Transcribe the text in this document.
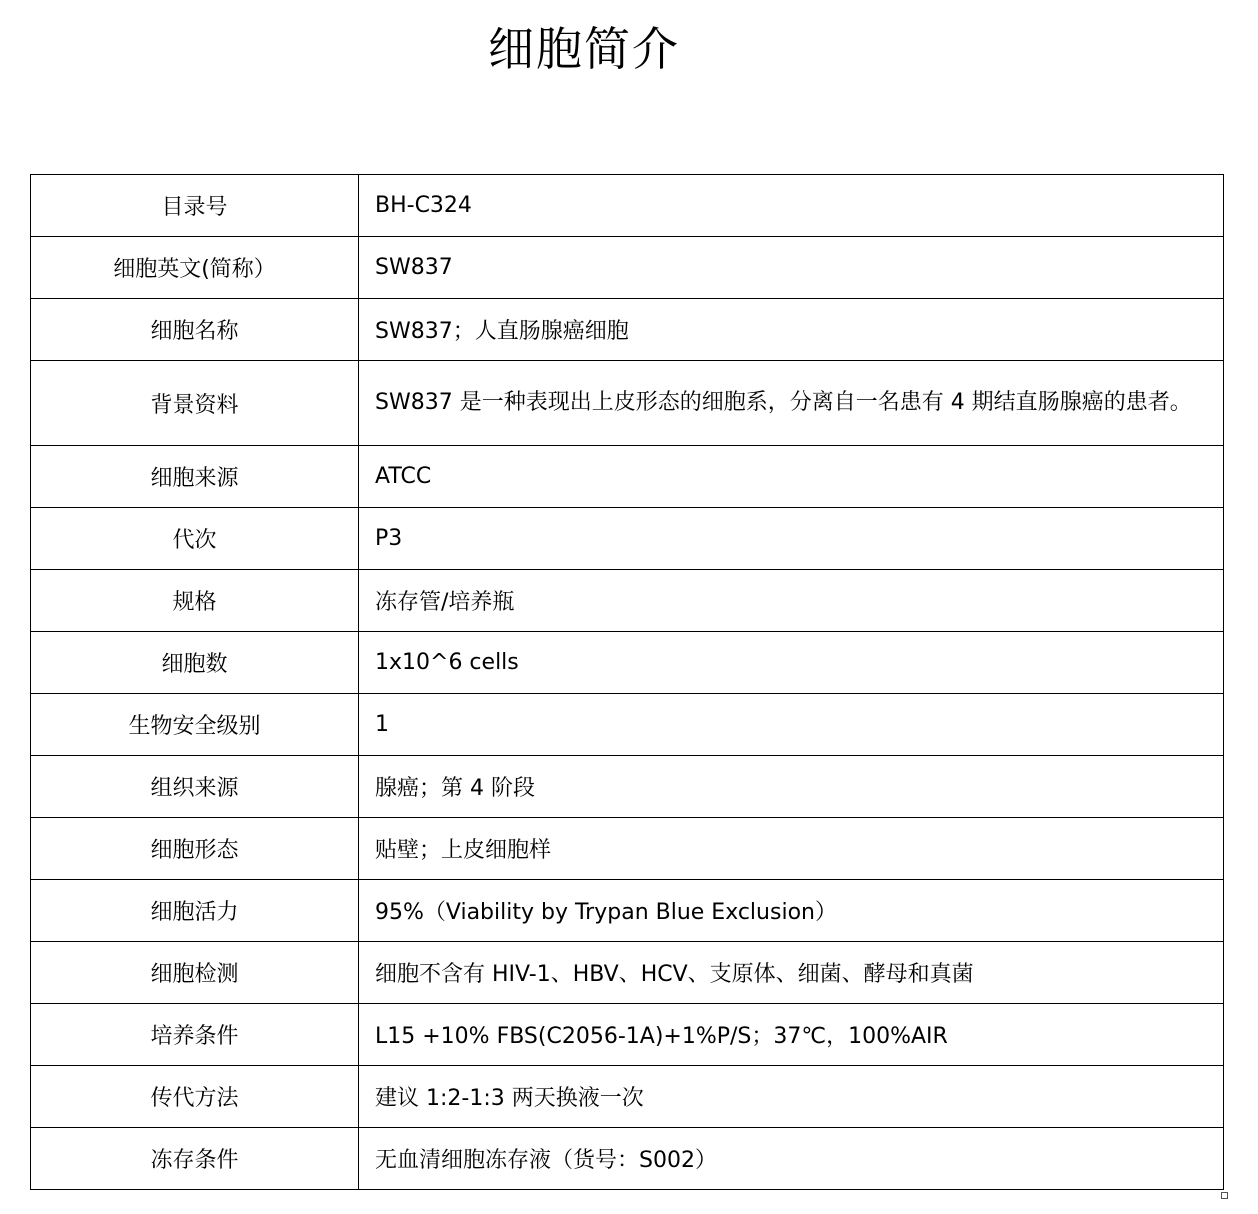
细胞简介
目录号	BH-C324
细胞英文(简称）	SW837
细胞名称	SW837；人直肠腺癌细胞
背景资料	SW837 是一种表现出上皮形态的细胞系，分离自一名患有 4 期结直肠腺癌的患者。
细胞来源	ATCC
代次	P3
规格	冻存管/培养瓶
细胞数	1x10^6 cells
生物安全级别	1
组织来源	腺癌；第 4 阶段
细胞形态	贴壁；上皮细胞样
细胞活力	95%（Viability by Trypan Blue Exclusion）
细胞检测	细胞不含有 HIV-1、HBV、HCV、支原体、细菌、酵母和真菌
培养条件	L15 +10% FBS(C2056-1A)+1%P/S；37℃，100%AIR
传代方法	建议 1:2-1:3 两天换液一次
冻存条件	无血清细胞冻存液（货号：S002）
